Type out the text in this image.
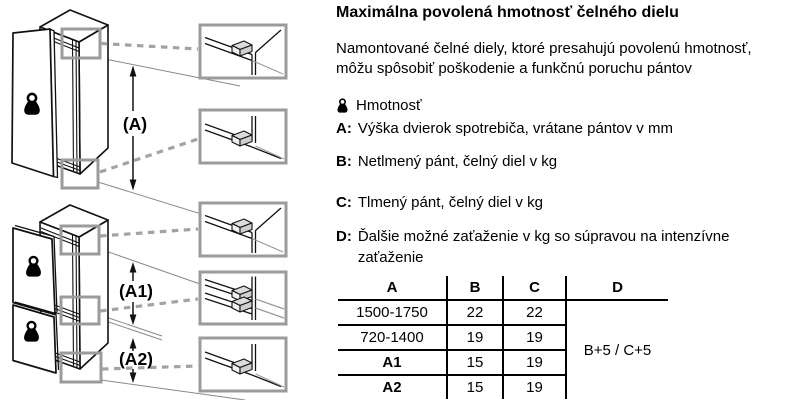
(A)
(A1)
(A2)
Maximálna povolená hmotnosť čelného dielu

Namontované čelné diely, ktoré presahujú povolenú hmotnosť, môžu spôsobiť poškodenie a funkčnú poruchu pántov

Hmotnosť
A: Výška dvierok spotrebiča, vrátane pántov v mm
B: Netlmený pánt, čelný diel v kg
C: Tlmený pánt, čelný diel v kg
D: Ďalšie možné zaťaženie v kg so súpravou na intenzívne zaťaženie
A	B	C	D
1500-1750	22	22	B+5 / C+5
720-1400	19	19	
A1	15	19	
A2	15	19	
